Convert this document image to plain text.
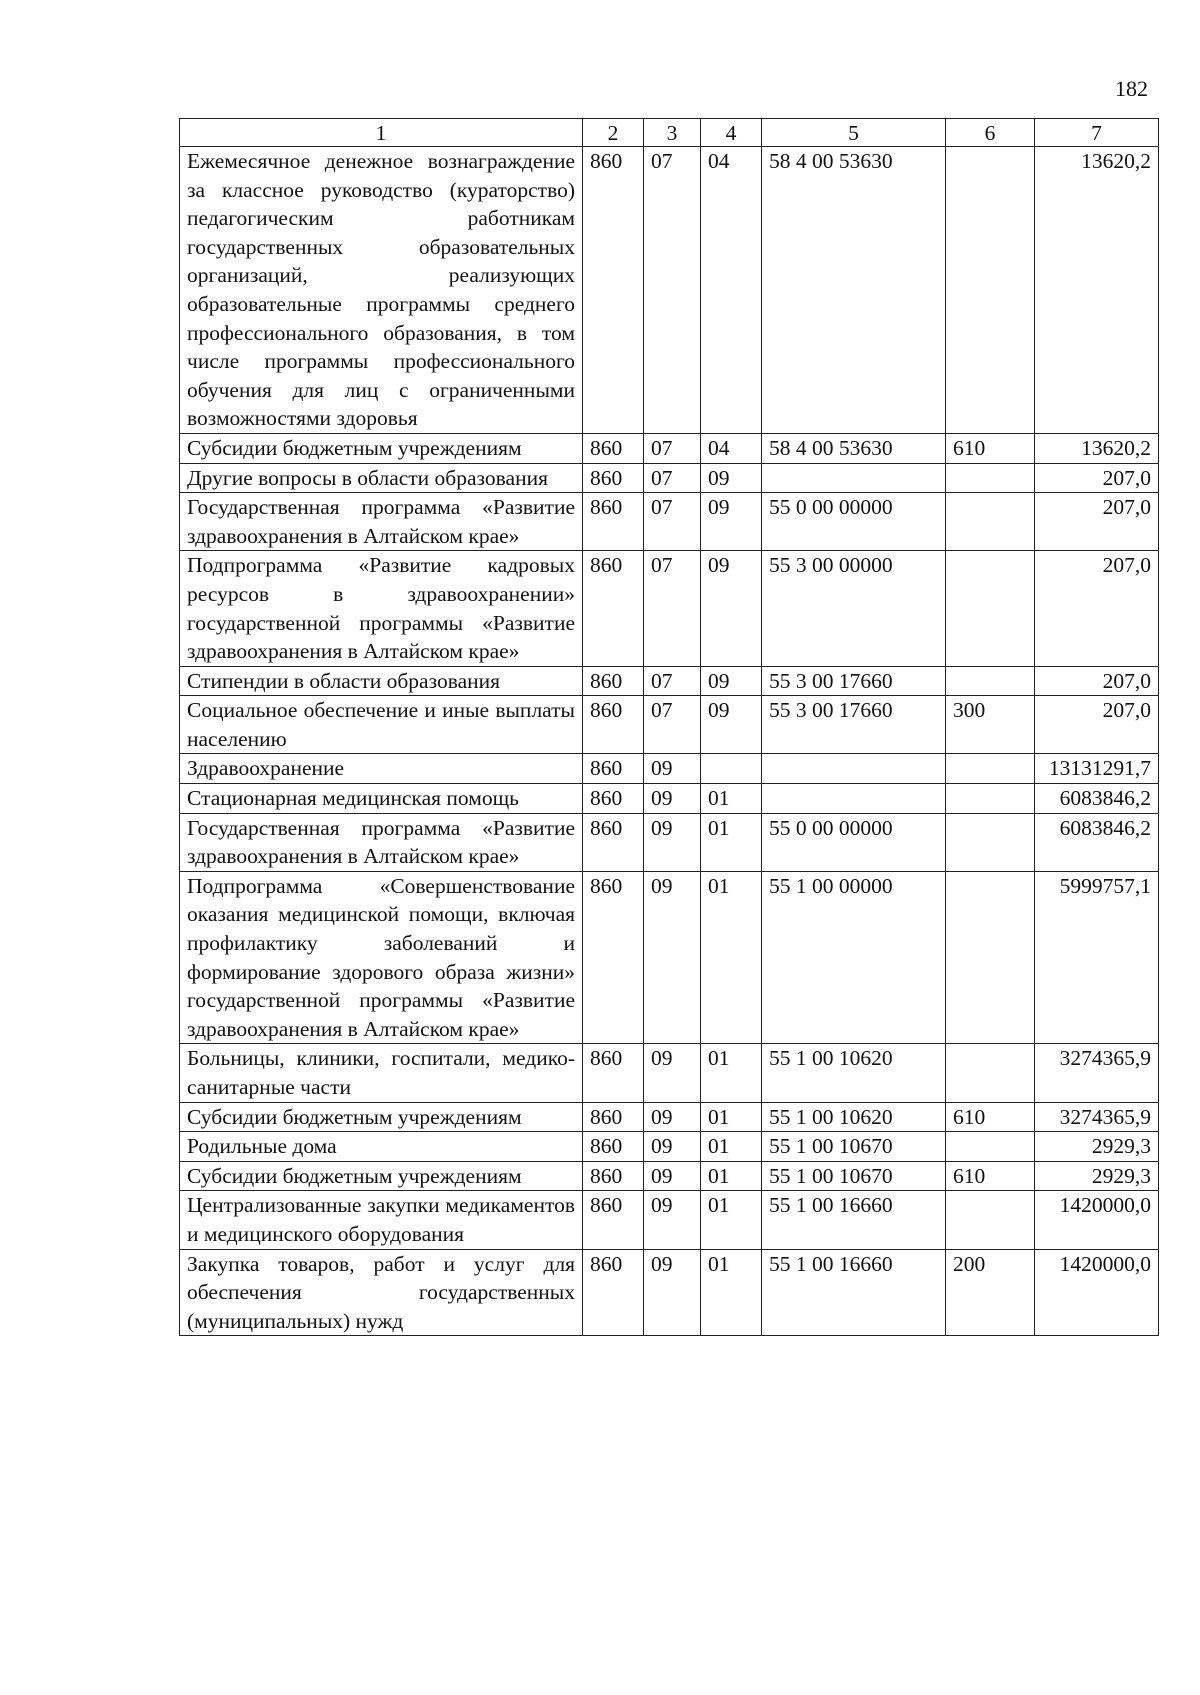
182
1	2	3	4	5	6	7
Ежемесячное денежное вознаграждение за классное руководство (кураторство) педагогическим работникам государственных образовательных организаций, реализующих образовательные программы среднего профессионального образования, в том числе программы профессионального обучения для лиц с ограниченными возможностями здоровья	860	07	04	58 4 00 53630		13620,2
Субсидии бюджетным учреждениям	860	07	04	58 4 00 53630	610	13620,2
Другие вопросы в области образования	860	07	09			207,0
Государственная программа «Развитие здравоохранения в Алтайском крае»	860	07	09	55 0 00 00000		207,0
Подпрограмма «Развитие кадровых ресурсов в здравоохранении» государственной программы «Развитие здравоохранения в Алтайском крае»	860	07	09	55 3 00 00000		207,0
Стипендии в области образования	860	07	09	55 3 00 17660		207,0
Социальное обеспечение и иные выплаты населению	860	07	09	55 3 00 17660	300	207,0
Здравоохранение	860	09				13131291,7
Стационарная медицинская помощь	860	09	01			6083846,2
Государственная программа «Развитие здравоохранения в Алтайском крае»	860	09	01	55 0 00 00000		6083846,2
Подпрограмма «Совершенствование оказания медицинской помощи, включая профилактику заболеваний и формирование здорового образа жизни» государственной программы «Развитие здравоохранения в Алтайском крае»	860	09	01	55 1 00 00000		5999757,1
Больницы, клиники, госпитали, медико-санитарные части	860	09	01	55 1 00 10620		3274365,9
Субсидии бюджетным учреждениям	860	09	01	55 1 00 10620	610	3274365,9
Родильные дома	860	09	01	55 1 00 10670		2929,3
Субсидии бюджетным учреждениям	860	09	01	55 1 00 10670	610	2929,3
Централизованные закупки медикаментов и медицинского оборудования	860	09	01	55 1 00 16660		1420000,0
Закупка товаров, работ и услуг для обеспечения государственных (муниципальных) нужд	860	09	01	55 1 00 16660	200	1420000,0
